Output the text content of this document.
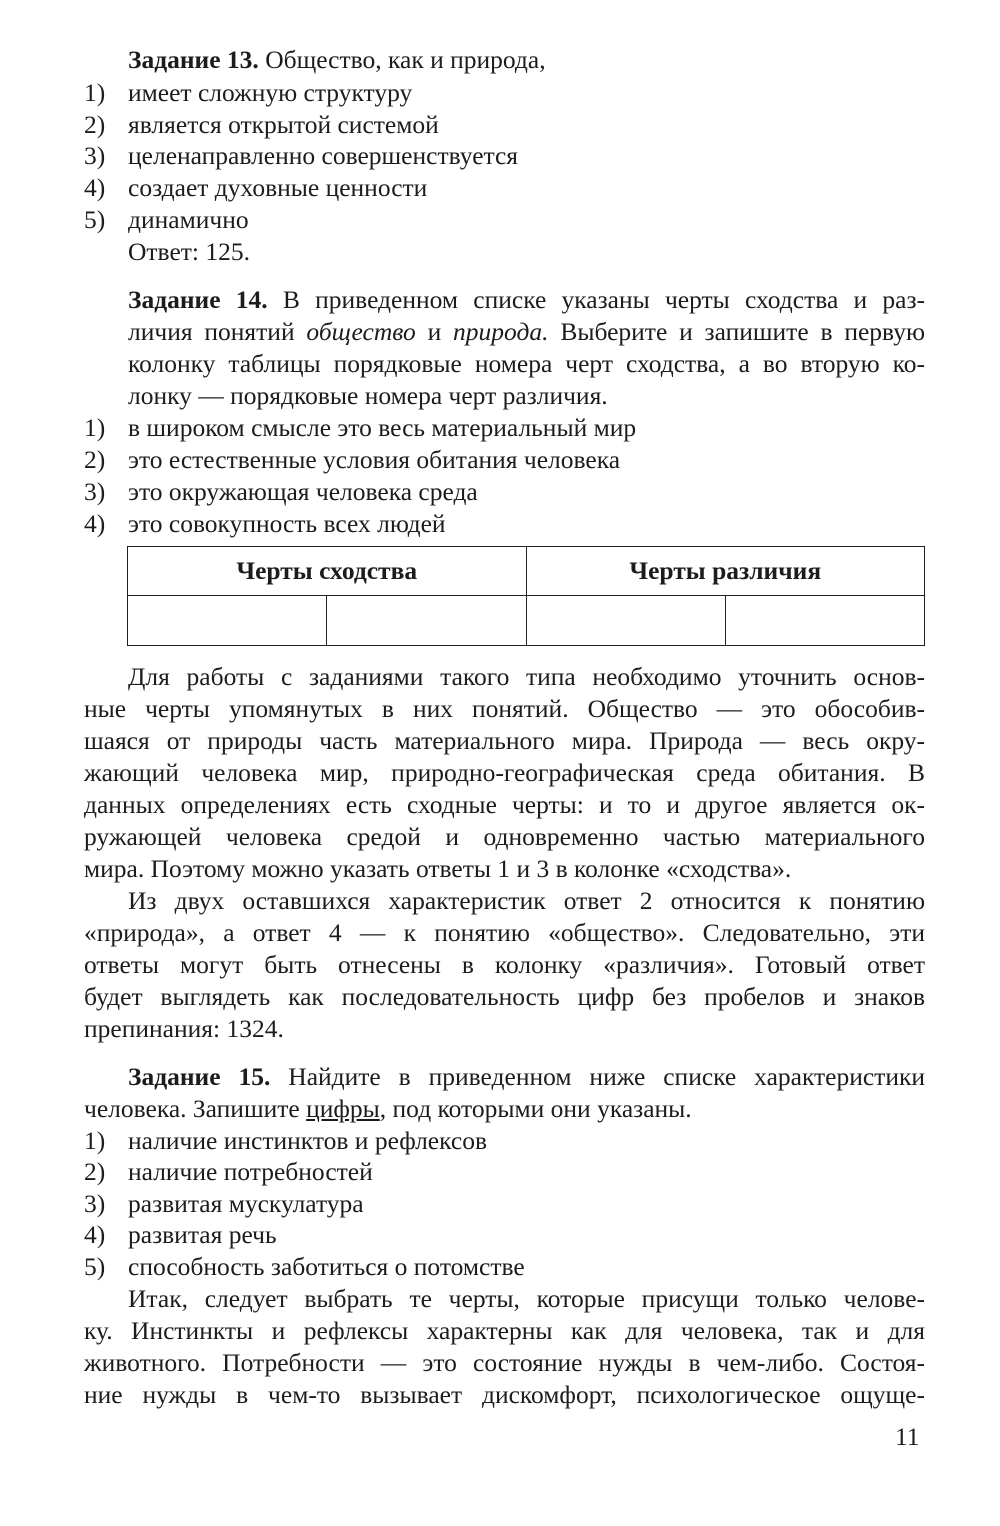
Задание 13. Общество, как и природа,
1) имеет сложную структуру
2) является открытой системой
3) целенаправленно совершенствуется
4) создает духовные ценности
5) динамично
Ответ: 125.
Задание 14. В приведенном списке указаны черты сходства и раз-
личия понятий общество и природа. Выберите и запишите в первую
колонку таблицы порядковые номера черт сходства, а во вторую ко-
лонку — порядковые номера черт различия.
1) в широком смысле это весь материальный мир
2) это естественные условия обитания человека
3) это окружающая человека среда
4) это совокупность всех людей
Черты сходства		Черты различия	

Для работы с заданиями такого типа необходимо уточнить основ-
ные черты упомянутых в них понятий. Общество — это обособив-
шаяся от природы часть материального мира. Природа — весь окру-
жающий человека мир, природно-географическая среда обитания. В
данных определениях есть сходные черты: и то и другое является ок-
ружающей человека средой и одновременно частью материального
мира. Поэтому можно указать ответы 1 и 3 в колонке «сходства».
Из двух оставшихся характеристик ответ 2 относится к понятию
«природа», а ответ 4 — к понятию «общество». Следовательно, эти
ответы могут быть отнесены в колонку «различия». Готовый ответ
будет выглядеть как последовательность цифр без пробелов и знаков
препинания: 1324.
Задание 15. Найдите в приведенном ниже списке характеристики
человека. Запишите цифры, под которыми они указаны.
1) наличие инстинктов и рефлексов
2) наличие потребностей
3) развитая мускулатура
4) развитая речь
5) способность заботиться о потомстве
Итак, следует выбрать те черты, которые присущи только челове-
ку. Инстинкты и рефлексы характерны как для человека, так и для
животного. Потребности — это состояние нужды в чем-либо. Состоя-
ние нужды в чем-то вызывает дискомфорт, психологическое ощуще-
11
